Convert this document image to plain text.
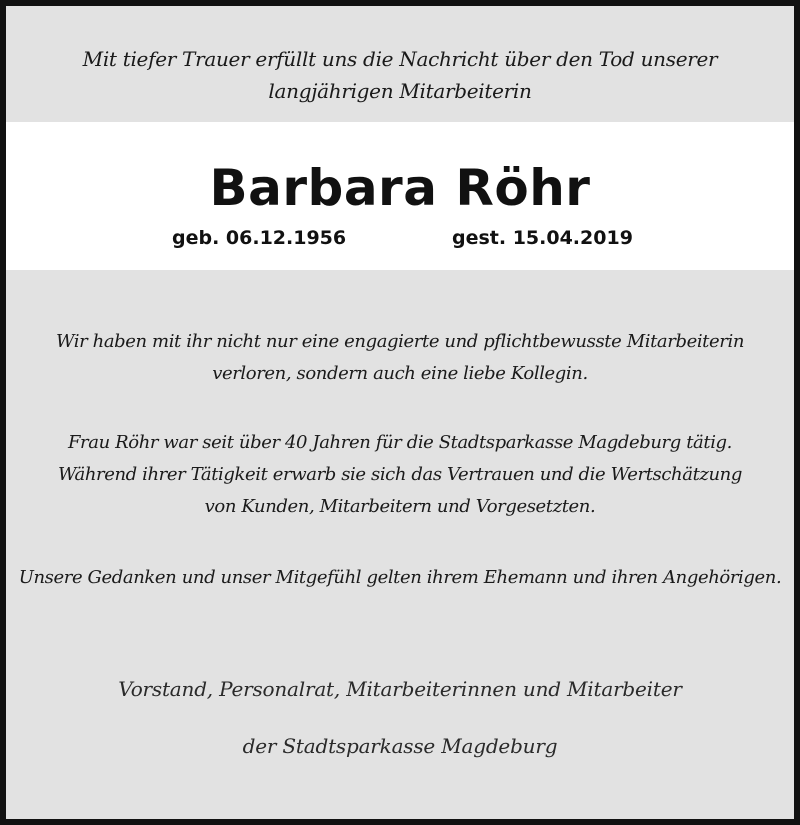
Mit tiefer Trauer erfüllt uns die Nachricht über den Tod unserer

langjährigen Mitarbeiterin

Barbara Röhr
geb. 06.12.1956	gest. 15.04.2019

Wir haben mit ihr nicht nur eine engagierte und pflichtbewusste Mitarbeiterin

verloren, sondern auch eine liebe Kollegin.

Frau Röhr war seit über 40 Jahren für die Stadtsparkasse Magdeburg tätig.

Während ihrer Tätigkeit erwarb sie sich das Vertrauen und die Wertschätzung

von Kunden, Mitarbeitern und Vorgesetzten.

Unsere Gedanken und unser Mitgefühl gelten ihrem Ehemann und ihren Angehörigen.

Vorstand, Personalrat, Mitarbeiterinnen und Mitarbeiter
der Stadtsparkasse Magdeburg
